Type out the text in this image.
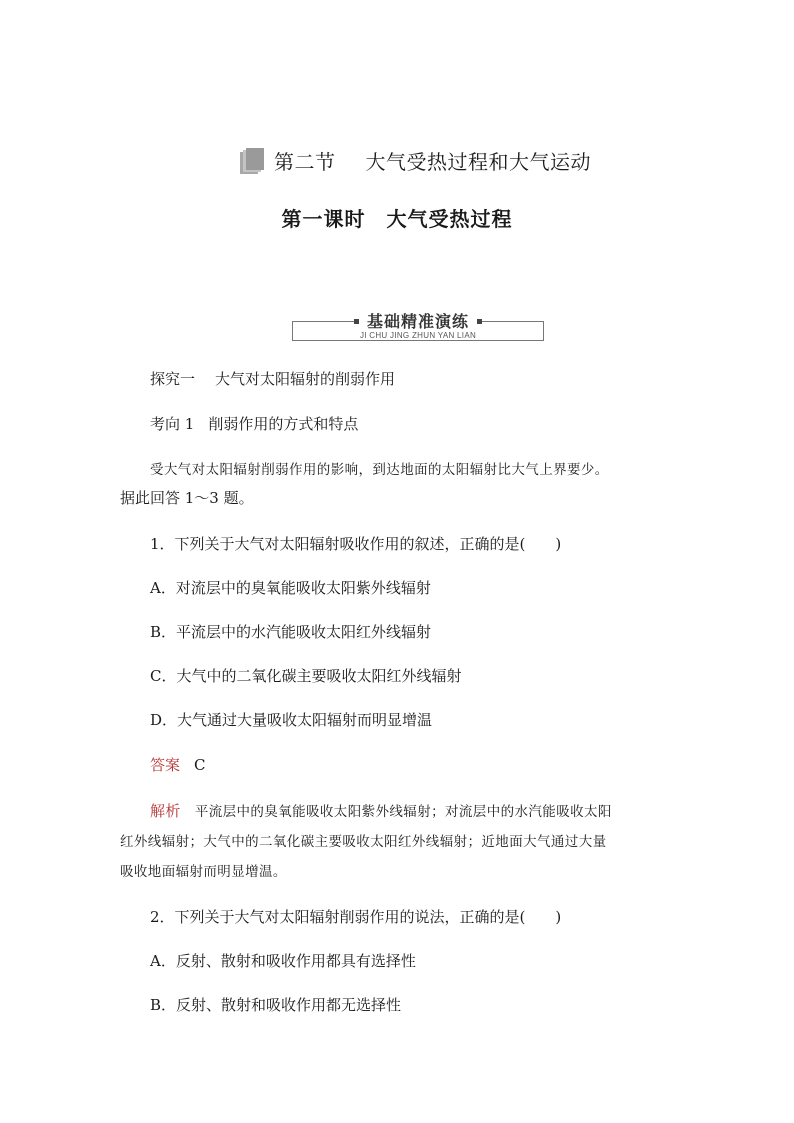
第二节 大气受热过程和大气运动
第一课时　大气受热过程
基础精准演练
JI CHU JING ZHUN YAN LIAN
探究一 大气对太阳辐射的削弱作用
考向 1 削弱作用的方式和特点
受大气对太阳辐射削弱作用的影响，到达地面的太阳辐射比大气上界要少。
据此回答 1～3 题。
1．下列关于大气对太阳辐射吸收作用的叙述，正确的是(　　)
A．对流层中的臭氧能吸收太阳紫外线辐射
B．平流层中的水汽能吸收太阳红外线辐射
C．大气中的二氧化碳主要吸收太阳红外线辐射
D．大气通过大量吸收太阳辐射而明显增温
答案 C
解析 平流层中的臭氧能吸收太阳紫外线辐射；对流层中的水汽能吸收太阳
红外线辐射；大气中的二氧化碳主要吸收太阳红外线辐射；近地面大气通过大量
吸收地面辐射而明显增温。
2．下列关于大气对太阳辐射削弱作用的说法，正确的是(　　)
A．反射、散射和吸收作用都具有选择性
B．反射、散射和吸收作用都无选择性
